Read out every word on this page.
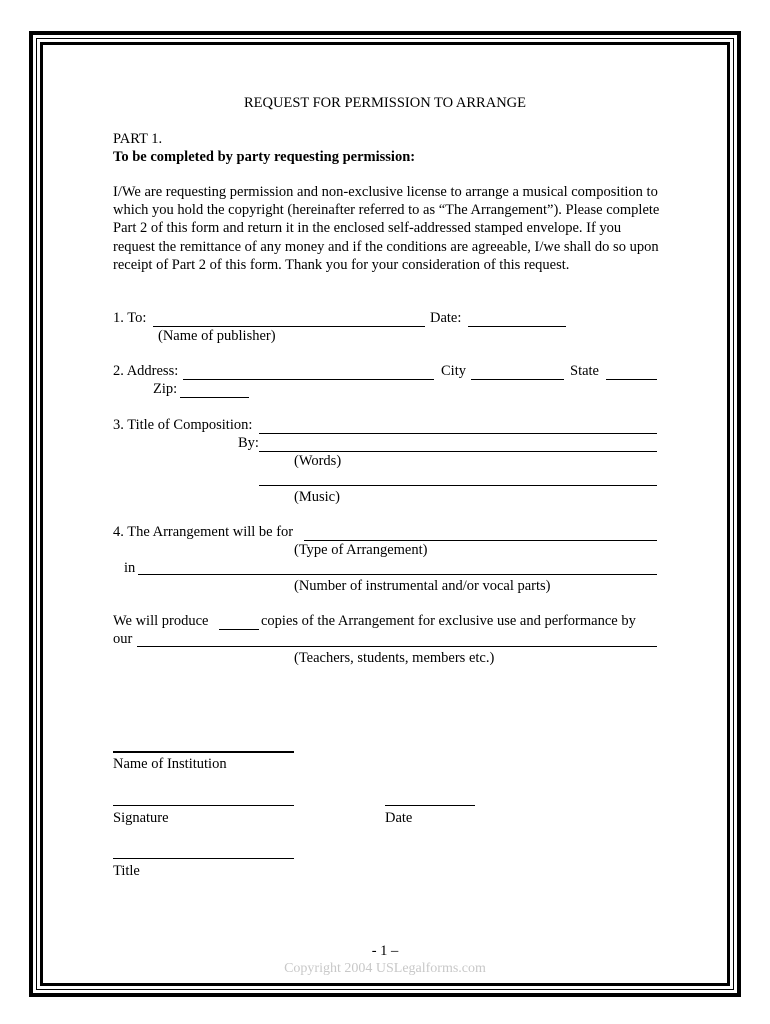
REQUEST FOR PERMISSION TO ARRANGE
PART 1.
To be completed by party requesting permission:
I/We are requesting permission and non-exclusive license to arrange a musical composition to which you hold the copyright (hereinafter referred to as “The Arrangement”). Please complete Part 2 of this form and return it in the enclosed self-addressed stamped envelope. If you request the remittance of any money and if the conditions are agreeable, I/we shall do so upon receipt of Part 2 of this form. Thank you for your consideration of this request.
1. To:	Date:
(Name of publisher)
2. Address:	City	State
Zip:
3. Title of Composition:
By:
(Words)
(Music)
4. The Arrangement will be for
(Type of Arrangement)
in
(Number of instrumental and/or vocal parts)
We will produce	copies of the Arrangement for exclusive use and performance by
our
(Teachers, students, members etc.)
Name of Institution
Signature	Date
Title
- 1 –
Copyright 2004 USLegalforms.com
